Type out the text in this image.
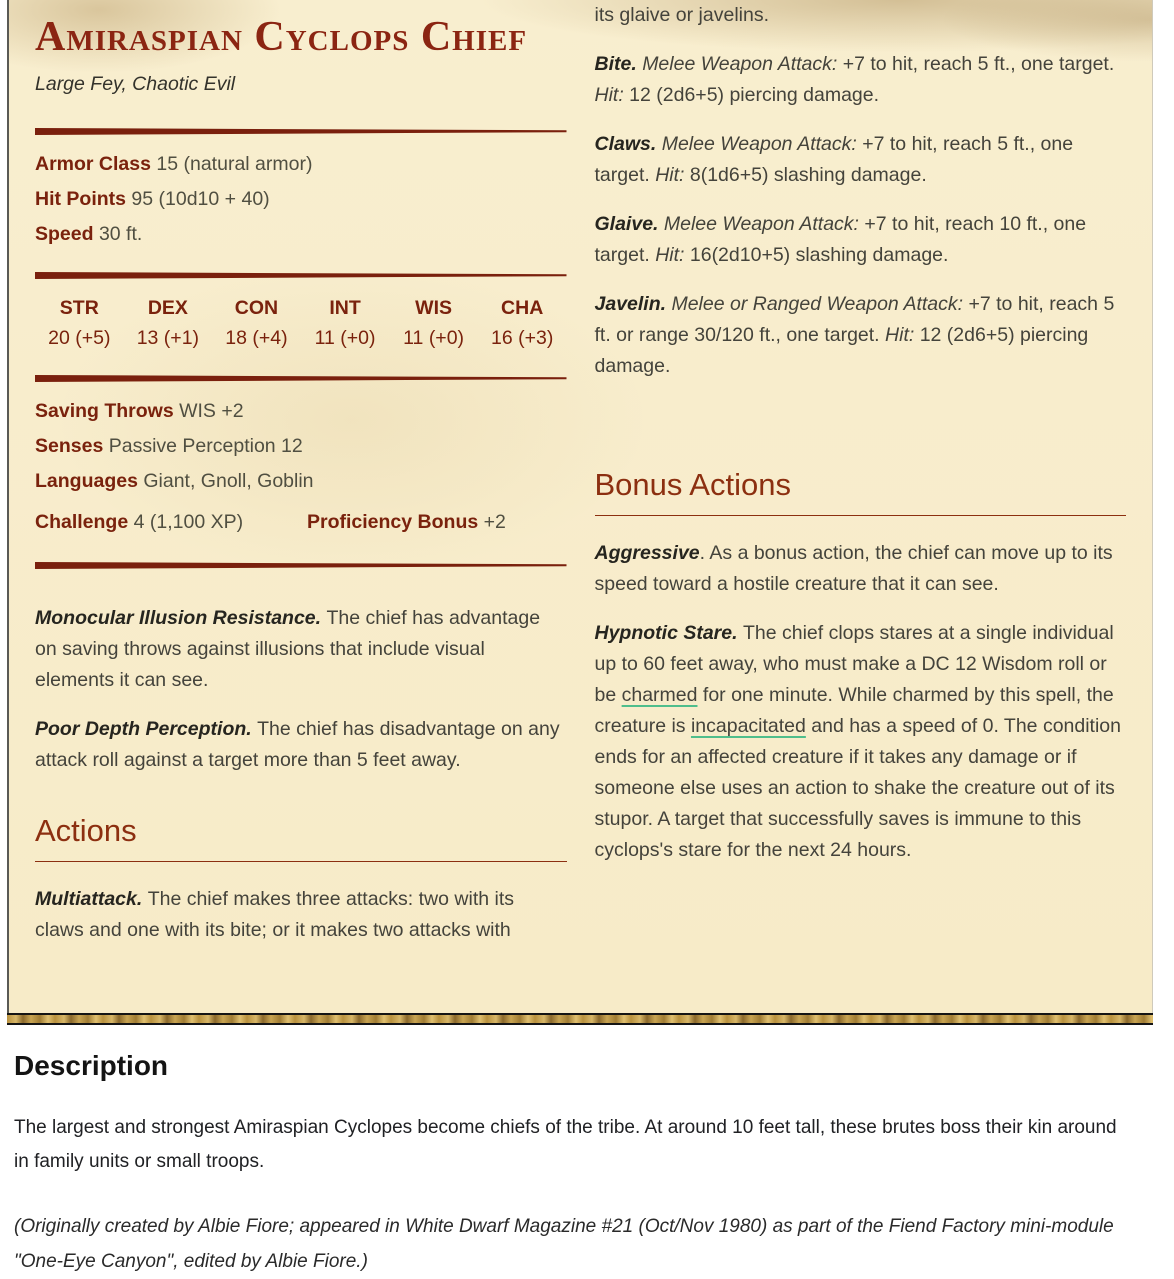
Amiraspian Cyclops Chief
Large Fey, Chaotic Evil
Armor Class 15 (natural armor)
Hit Points 95 (10d10 + 40)
Speed 30 ft.
STR
20 (+5)
DEX
13 (+1)
CON
18 (+4)
INT
11 (+0)
WIS
11 (+0)
CHA
16 (+3)
Saving Throws WIS +2
Senses Passive Perception 12
Languages Giant, Gnoll, Goblin
Challenge 4 (1,100 XP)	Proficiency Bonus +2

Monocular Illusion Resistance. The chief has advantage on saving throws against illusions that include visual elements it can see.

Poor Depth Perception. The chief has disadvantage on any attack roll against a target more than 5 feet away.

Actions

Multiattack. The chief makes three attacks: two with its claws and one with its bite; or it makes two attacks with

its glaive or javelins.

Bite. Melee Weapon Attack: +7 to hit, reach 5 ft., one target. Hit: 12 (2d6+5) piercing damage.

Claws. Melee Weapon Attack: +7 to hit, reach 5 ft., one target. Hit: 8(1d6+5) slashing damage.

Glaive. Melee Weapon Attack: +7 to hit, reach 10 ft., one target. Hit: 16(2d10+5) slashing damage.

Javelin. Melee or Ranged Weapon Attack: +7 to hit, reach 5 ft. or range 30/120 ft., one target. Hit: 12 (2d6+5) piercing damage.

Bonus Actions

Aggressive. As a bonus action, the chief can move up to its speed toward a hostile creature that it can see.

Hypnotic Stare. The chief clops stares at a single individual up to 60 feet away, who must make a DC 12 Wisdom roll or be charmed for one minute. While charmed by this spell, the creature is incapacitated and has a speed of 0. The condition ends for an affected creature if it takes any damage or if someone else uses an action to shake the creature out of its stupor. A target that successfully saves is immune to this cyclops's stare for the next 24 hours.

Description

The largest and strongest Amiraspian Cyclopes become chiefs of the tribe. At around 10 feet tall, these brutes boss their kin around in family units or small troops.

(Originally created by Albie Fiore; appeared in White Dwarf Magazine #21 (Oct/Nov 1980) as part of the Fiend Factory mini-module "One-Eye Canyon", edited by Albie Fiore.)
